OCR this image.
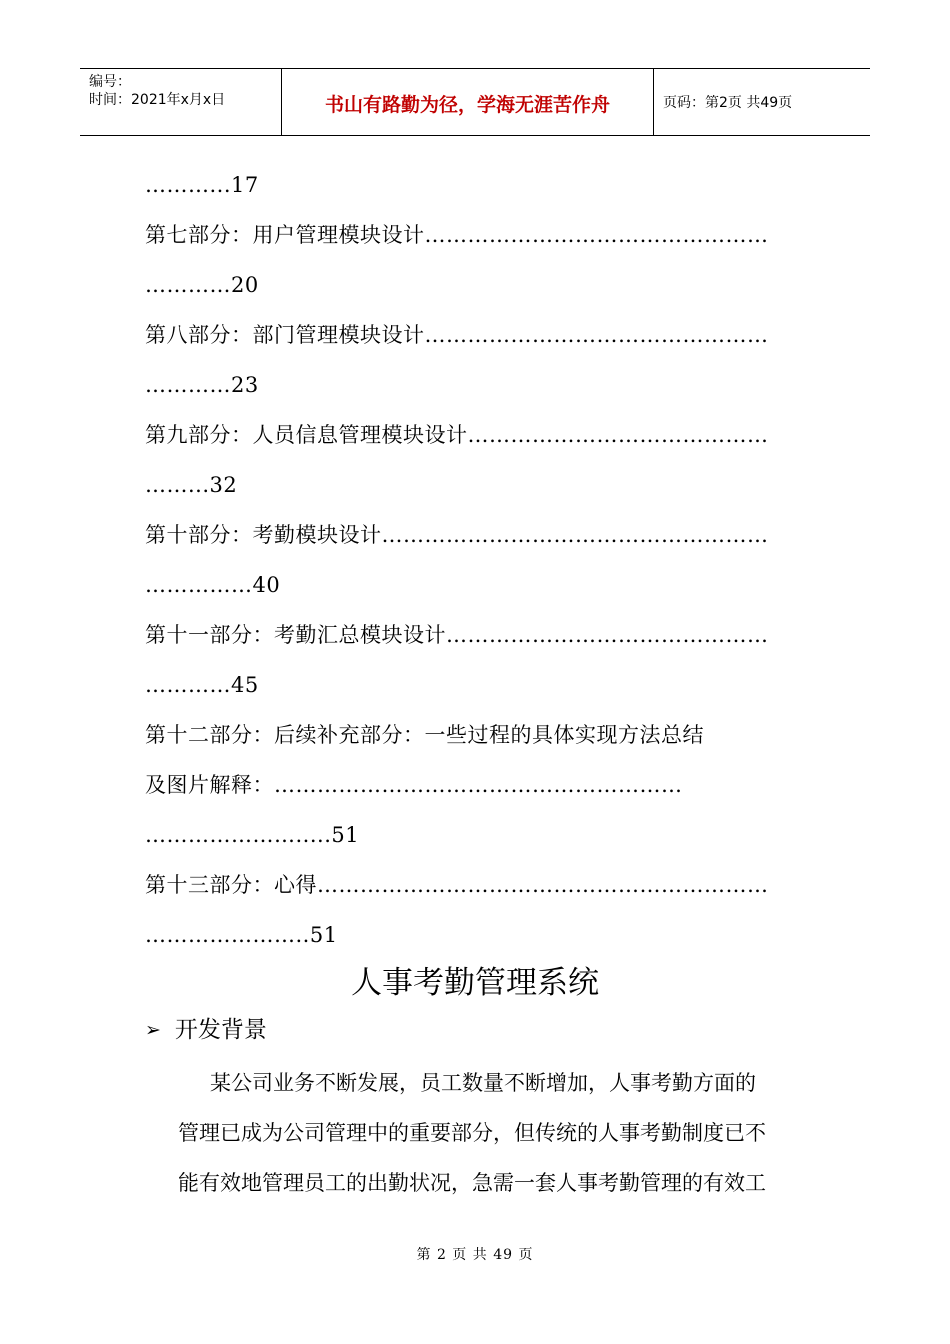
编号：
时间：2021年x月x日	书山有路勤为径，学海无涯苦作舟	页码：第2页 共49页
………...17
第七部分：用户管理模块设计…………………………………………
…………20
第八部分：部门管理模块设计…………………………………………
…………23
第九部分：人员信息管理模块设计……………………………………
……...32
第十部分：考勤模块设计………………………………………………
……………40
第十一部分：考勤汇总模块设计………………………………………
…………45
第十二部分：后续补充部分：一些过程的具体实现方法总结
及图片解释：…………………………………………………
………………….....51
第十三部分：心得………………………………………………………
…………………..51
人事考勤管理系统
➢ 开发背景

某公司业务不断发展，员工数量不断增加，人事考勤方面的

管理已成为公司管理中的重要部分，但传统的人事考勤制度已不

能有效地管理员工的出勤状况，急需一套人事考勤管理的有效工

第 2 页 共 49 页
